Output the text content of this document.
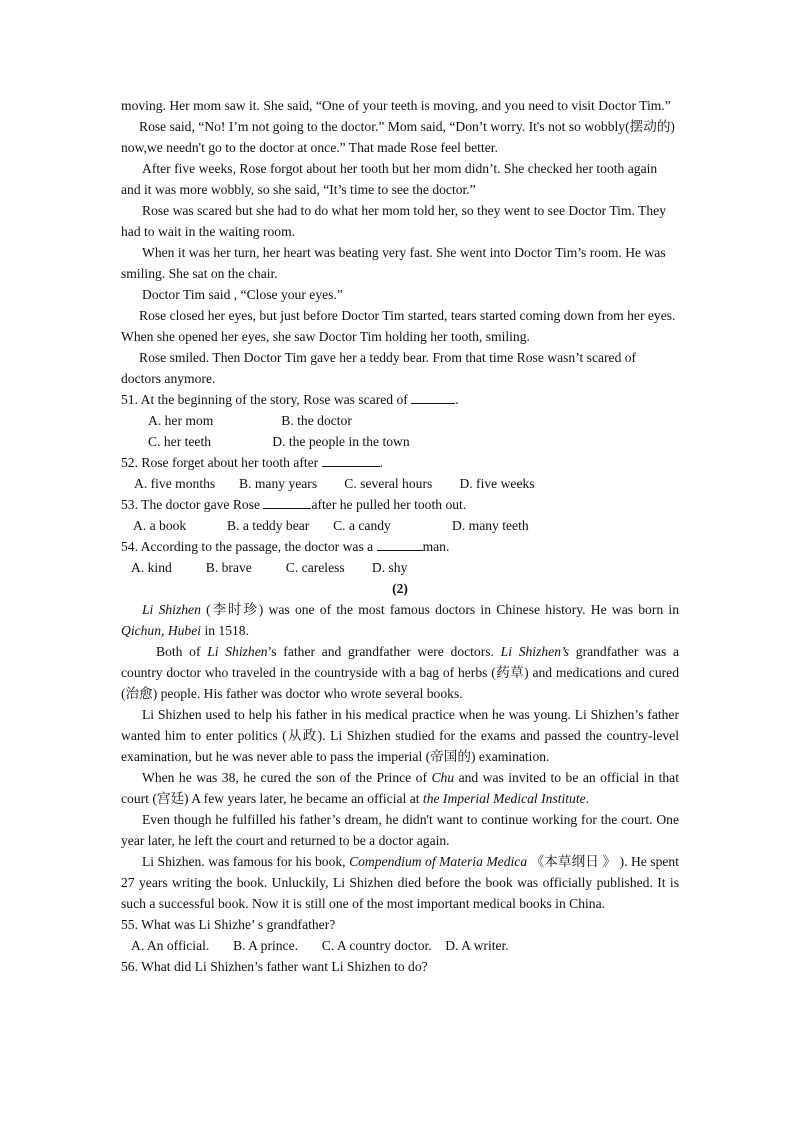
moving. Her mom saw it. She said, “One of your teeth is moving, and you need to visit Doctor Tim.”

Rose said, “No! I’m not going to the doctor.” Mom said, “Don’t worry. It's not so wobbly(摆动的) now,we needn't go to the doctor at once.” That made Rose feel better.

After five weeks, Rose forgot about her tooth but her mom didn’t. She checked her tooth again and it was more wobbly, so she said, “It’s time to see the doctor.”

Rose was scared but she had to do what her mom told her, so they went to see Doctor Tim. They had to wait in the waiting room.

When it was her turn, her heart was beating very fast. She went into Doctor Tim’s room. He was smiling. She sat on the chair.

Doctor Tim said , “Close your eyes.”

Rose closed her eyes, but just before Doctor Tim started, tears started coming down from her eyes. When she opened her eyes, she saw Doctor Tim holding her tooth, smiling.

Rose smiled. Then Doctor Tim gave her a teddy bear. From that time Rose wasn’t scared of doctors anymore.

51. At the beginning of the story, Rose was scared of	.

A. her mom                    B. the doctor

C. her teeth                  D. the people in the town

52. Rose forget about her tooth after	.

A. five months       B. many years        C. several hours        D. five weeks

53. The doctor gave Rose	after he pulled her tooth out.

A. a book            B. a teddy bear       C. a candy                  D. many teeth

54. According to the passage, the doctor was a	man.

A. kind          B. brave          C. careless        D. shy

(2)

Li Shizhen (李时珍) was one of the most famous doctors in Chinese history. He was born in Qichun, Hubei in 1518.

Both of Li Shizhen’s father and grandfather were doctors. Li Shizhen’s grandfather was a country doctor who traveled in the countryside with a bag of herbs (药草) and medications and cured (治愈) people. His father was doctor who wrote several books.

Li Shizhen used to help his father in his medical practice when he was young. Li Shizhen’s father wanted him to enter politics (从政). Li Shizhen studied for the exams and passed the country-level examination, but he was never able to pass the imperial (帝国的) examination.

When he was 38, he cured the son of the Prince of Chu and was invited to be an official in that court (宫廷) A few years later, he became an official at the Imperial Medical Institute.

Even though he fulfilled his father’s dream, he didn't want to continue working for the court. One year later, he left the court and returned to be a doctor again.

Li Shizhen. was famous for his book, Compendium of Materia Medica 《本草纲日 》 ). He spent 27 years writing the book. Unluckily, Li Shizhen died before the book was officially published. It is such a successful book. Now it is still one of the most important medical books in China.

55. What was Li Shizhe’ s grandfather?

A. An official.       B. A prince.       C. A country doctor.    D. A writer.

56. What did Li Shizhen’s father want Li Shizhen to do?
